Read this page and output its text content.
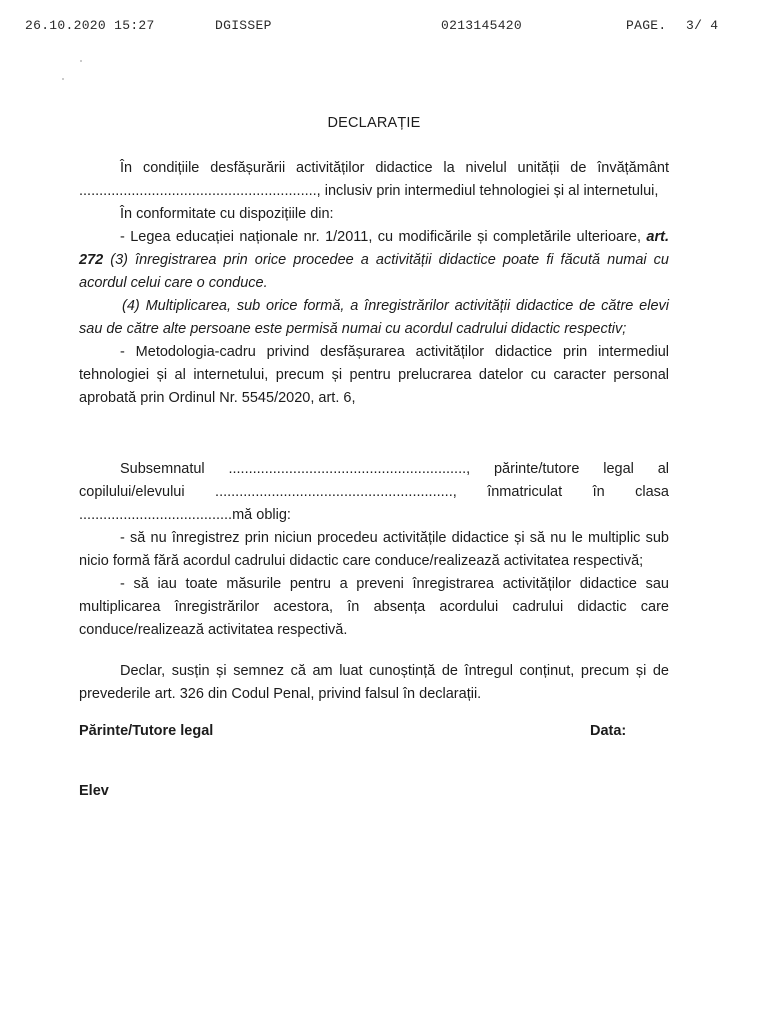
26.10.2020 15:27	DGISSEP	0213145420	PAGE. 3/ 4
DECLARAȚIE

În condițiile desfășurării activităților didactice la nivelul unității de învățământ ..........................................................., inclusiv prin intermediul tehnologiei și al internetului,

În conformitate cu dispozițiile din:

- Legea educației naționale nr. 1/2011, cu modificările și completările ulterioare, art. 272 (3) înregistrarea prin orice procedee a activității didactice poate fi făcută numai cu acordul celui care o conduce.

(4) Multiplicarea, sub orice formă, a înregistrărilor activității didactice de către elevi sau de către alte persoane este permisă numai cu acordul cadrului didactic respectiv;

- Metodologia-cadru privind desfășurarea activităților didactice prin intermediul tehnologiei și al internetului, precum și pentru prelucrarea datelor cu caracter personal aprobată prin Ordinul Nr. 5545/2020, art. 6,

Subsemnatul ..........................................................., părinte/tutore legal al copilului/elevului ..........................................................., înmatriculat în clasa ......................................mă oblig:

- să nu înregistrez prin niciun procedeu activitățile didactice și să nu le multiplic sub nicio formă fără acordul cadrului didactic care conduce/realizează activitatea respectivă;

- să iau toate măsurile pentru a preveni înregistrarea activităților didactice sau multiplicarea înregistrărilor acestora, în absența acordului cadrului didactic care conduce/realizează activitatea respectivă.

Declar, susțin și semnez că am luat cunoștință de întregul conținut, precum și de prevederile art. 326 din Codul Penal, privind falsul în declarații.

Părinte/Tutore legal	Data:
Elev
